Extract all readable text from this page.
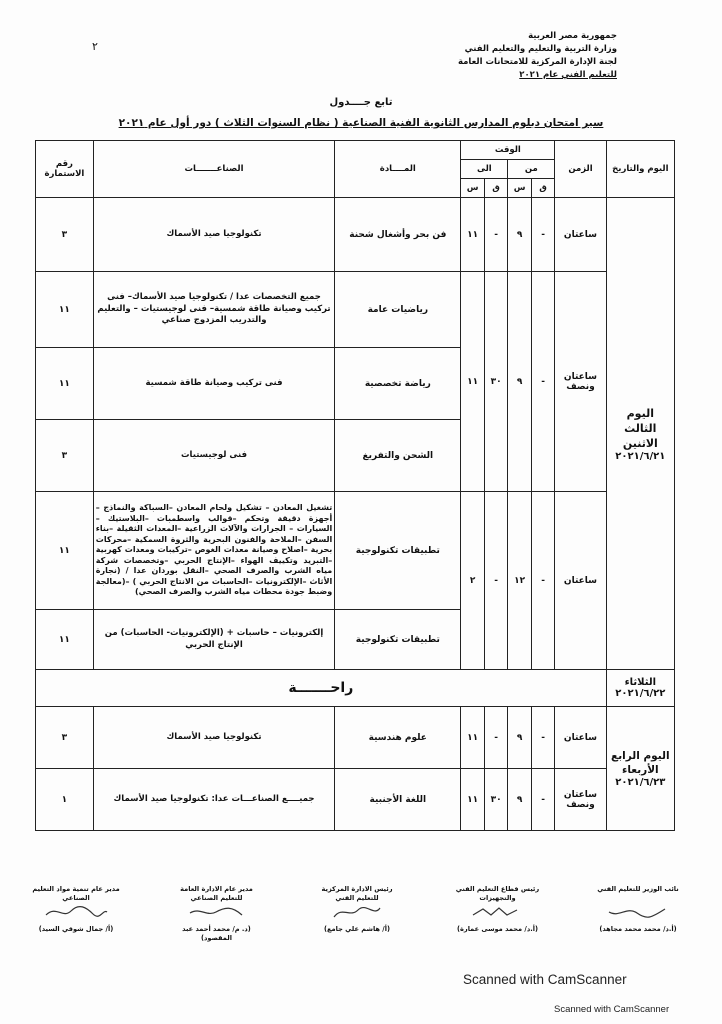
جمهورية مصر العربية
وزارة التربية والتعليم والتعليم الفني
لجنة الإدارة المركزية للامتحانات العامة
للتعليم الفني عام ٢٠٢١
٢
تابع جــــدول
سير امتحان دبلوم المدارس الثانوية الفنية الصناعية ( نظام السنوات الثلاث ) دور أول عام ٢٠٢١
اليوم والتاريخ	الزمن	الوقت				المــــادة	الصناعـــــــات	رقم الاستمارة
		من		الى				
		ق	س	ق	س			

اليوم الثالث الاثنين
٢٠٢١/٦/٢١	ساعتان	-	٩	-	١١	فن بحر وأشغال شحنة	تكنولوجيا صيد الأسماك	٣
	ساعتان ونصف	-	٩	٣٠	١١	رياضيات عامة	جميع التخصصات عدا / تكنولوجيا صيد الأسماك– فنى تركيب وصيانة طاقة شمسية– فنى لوجيستيات – والتعليم والتدريب المزدوج صناعي	١١
						رياضة تخصصية	فنى تركيب وصيانة طاقة شمسية	١١
						الشحن والتفريغ	فنى لوجيستيات	٣
	ساعتان	-	١٢	-	٢	تطبيقات تكنولوجية	تشغيل المعادن – تشكيل ولحام المعادن –السباكة والنماذج –أجهزة دقيقة وتحكم –قوالب واسطمبات –البلاستيك –السيارات – الجرارات والآلات الزراعية –المعدات الثقيلة –بناء السفن –الملاحة والفنون البحرية والثروة السمكية –محركات بحرية –اصلاح وصيانة معدات الغوص –تركيبات ومعدات كهربية –التبريد وتكييف الهواء –الإنتاج الحربي –وتخصصات شركة مياه الشرب والصرف الصحي –النقل بوردان عدا / (نجارة الأثاث –الإلكترونيات –الحاسبات من الانتاج الحربي ) –(معالجة وضبط جودة محطات مياه الشرب والصرف الصحي)	١١
						تطبيقات تكنولوجية	إلكترونيات – حاسبات + (الإلكترونيات- الحاسبات) من الإنتاج الحربي	١١

الثلاثاء
٢٠٢١/٦/٢٢	راحـــــــة							

اليوم الرابع الأربعاء
٢٠٢١/٦/٢٣	ساعتان	-	٩	-	١١	علوم هندسية	تكنولوجيا صيد الأسماك	٣
	ساعتان ونصف	-	٩	٣٠	١١	اللغة الأجنبية	جميــــع الصناعـــات عدا: تكنولوجيا صيد الأسماك	١
مدير عام تنمية مواد التعليم الصناعي
(أ/ جمال شوقي السيد)
مدير عام الادارة العامة للتعليم الصناعي
(د. م/ محمد أحمد عبد المقصود)
رئيس الادارة المركزية للتعليم الفني
(أ/ هاشم علي جامع)
رئيس قطاع التعليم الفني والتجهيزات
(أ.د/ محمد موسى عمارة)
نائب الوزير للتعليم الفني
(أ.د/ محمد محمد مجاهد)
Scanned with CamScanner
Scanned with CamScanner
